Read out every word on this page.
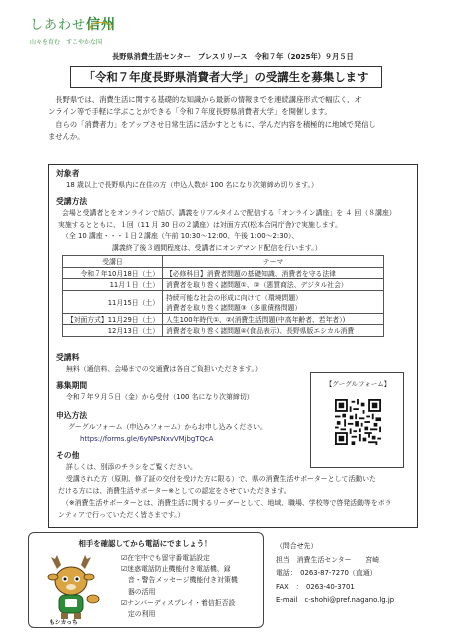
しあわせ信州
山々を育む　すこやかな国
長野県消費生活センター　プレスリリース　令和７年（2025年）９月５日
「令和７年度長野県消費者大学」の受講生を募集します

長野県では、消費生活に関する基礎的な知識から最新の情報までを連続講座形式で幅広く、オ

ンライン等で手軽に学ぶことができる「令和７年度長野県消費者大学」を開催します。

自らの「消費者力」をアップさせ日常生活に活かすとともに、学んだ内容を積極的に地域で発信し

ませんか。
対象者
18 歳以上で長野県内に在住の方（申込人数が 100 名になり次第締め切ります。）
受講方法
会場と受講者とをオンラインで結び、講義をリアルタイムで配信する「オンライン講座」を ４ 回（８講座）
実施するとともに、１回（11 月 30 日の２講座）は対面方式(松本合同庁舎)で実施します。
（全 10 講座・・・１日２講座（午前 10:30～12:00、午後 1:00～2:30）、
講義終了後３週間程度は、受講者にオンデマンド配信を行います。）
受講日	テーマ
令和７年10月18日（土）	【必修科目】消費者問題の基礎知識、消費者を守る法律
11月１日（土）	消費者を取り巻く諸問題①、②（悪質商法、デジタル社会）
11月15日（土）	持続可能な社会の形成に向けて（環境問題）
消費者を取り巻く諸問題③（多重債務問題）

【対面方式】11月29日（土）	人生100年時代①、②(消費生活問題(中高年齢者、若年者）)
12月13日（土）	消費者を取り巻く諸問題④(食品表示)、長野県版エシカル消費
受講料
無料（通信料、会場までの交通費は各自ご負担いただきます。）
募集期間
令和７年９月５日（金）から受付（100 名になり次第締切）
申込方法
グーグルフォーム（申込みフォーム）からお申し込みください。
https://forms.gle/6yNPsNxvVMjbgTQcA
【グーグルフォーム】
その他
詳しくは、別添のチラシをご覧ください。
受講された方（原則、修了証の交付を受けた方に限る）で、県の消費生活サポーターとして活動いた
だける方には、消費生活サポーター※としての認定をさせていただきます。
（※消費生活サポーターとは、消費生活に関するリーダーとして、地域、職場、学校等で啓発活動等をボラ
ンティアで行っていただく皆さまです。）
相手を確認してから電話にでましょう！
もシカっち
☑在宅中でも留守番電話設定
☑迷惑電話防止機能付き電話機、録
　音・警告メッセージ機能付き対策機
　器の活用
☑ナンバーディスプレイ・着信拒否設
　定の利用
（問合せ先）
担当　消費生活センター　　宮崎
電話：　0263-87-7270（直通）
FAX　：　0263-40-3701
E-mail　c-shohi@pref.nagano.lg.jp
